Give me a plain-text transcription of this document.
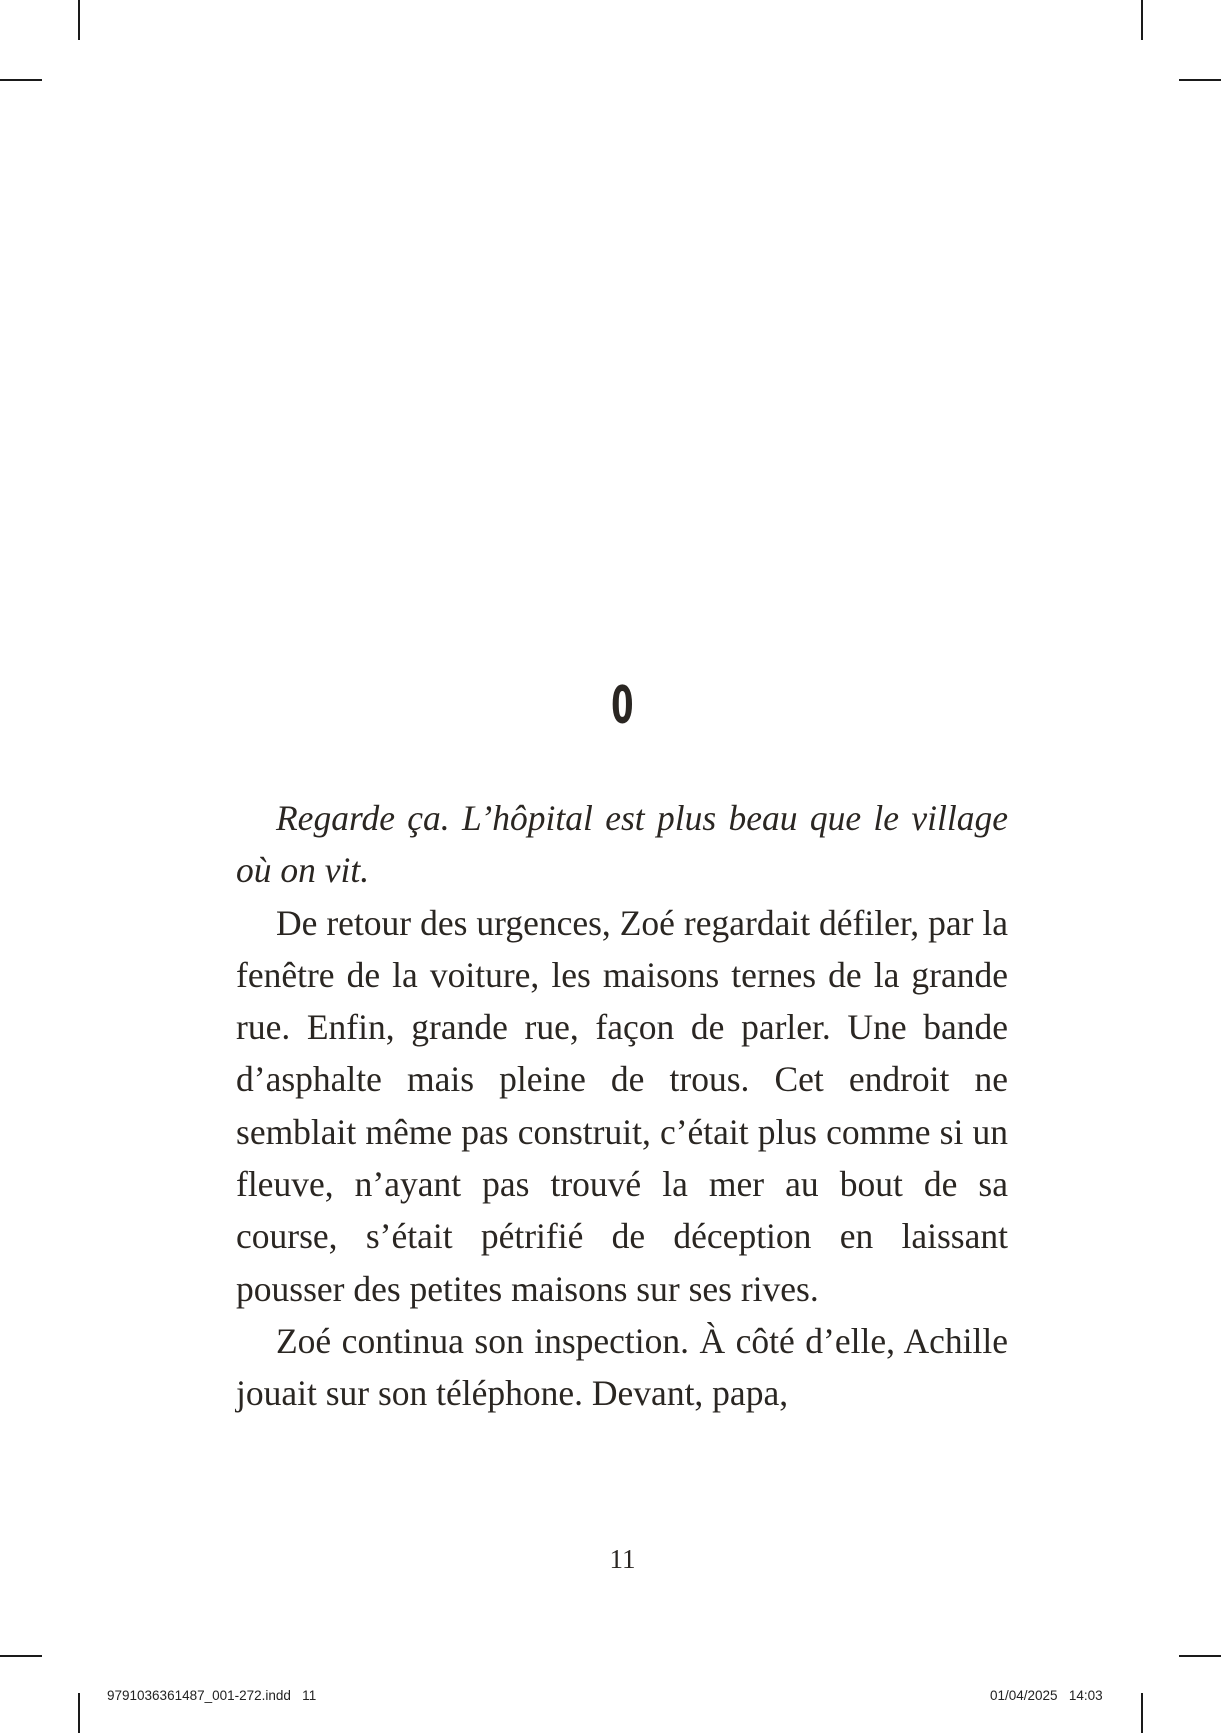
0

Regarde ça. L’hôpital est plus beau que le village où on vit.

De retour des urgences, Zoé regardait défiler, par la fenêtre de la voiture, les maisons ternes de la grande rue. Enfin, grande rue, façon de parler. Une bande d’asphalte mais pleine de trous. Cet endroit ne semblait même pas construit, c’était plus comme si un fleuve, n’ayant pas trouvé la mer au bout de sa course, s’était pétrifié de déception en laissant pousser des petites maisons sur ses rives.

Zoé continua son inspection. À côté d’elle, Achille jouait sur son téléphone. Devant, papa,

11
9791036361487_001-272.indd   11	01/04/2025   14:03
